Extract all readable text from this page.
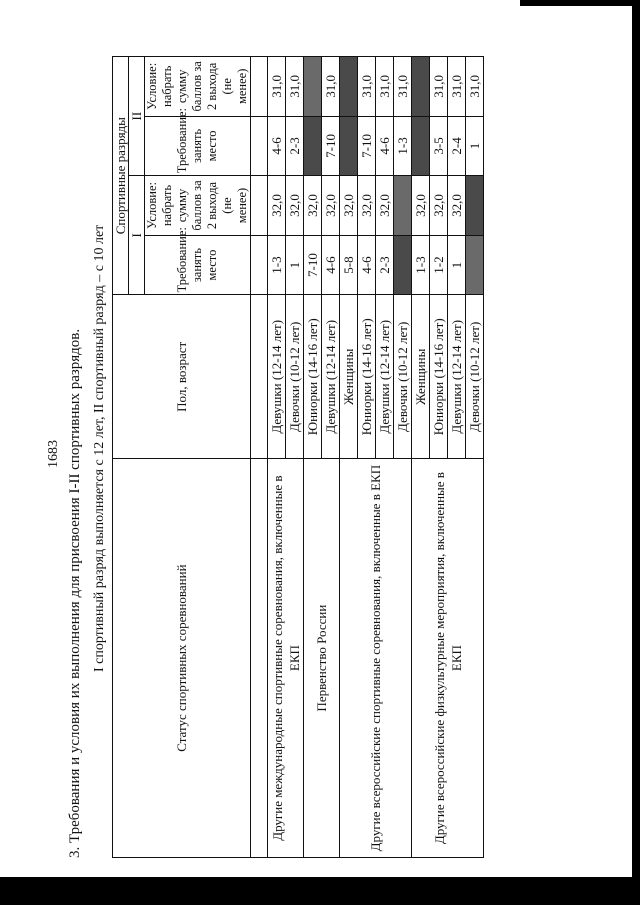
1683 3. Требования и условия их выполнения для присвоения I-II спортивных разрядов. I спортивный разряд выполняется с 12 лет, II спортивный разряд – с 10 лет	Статус спортивных соревнований	Пол, возраст	Спортивные разряды			
		I		II	
		Требование: занять место	Условие: набрать сумму баллов за 2 выхода (не менее)	Требование: занять место	Условие: набрать сумму баллов за 2 выхода (не менее)

Другие международные спортивные соревнования, включенные в ЕКП	Девушки (12-14 лет)	1-3	32,0	4-6	31,0
	Девочки (10-12 лет)	1	32,0	2-3	31,0
Первенство России	Юниорки (14-16 лет)	7-10	32,0		
	Девушки (12-14 лет)	4-6	32,0	7-10	31,0
Другие всероссийские спортивные соревнования, включенные в ЕКП	Женщины	5-8	32,0		
	Юниорки (14-16 лет)	4-6	32,0	7-10	31,0
	Девушки (12-14 лет)	2-3	32,0	4-6	31,0
	Девочки (10-12 лет)			1-3	31,0
Другие всероссийские физкультурные мероприятия, включенные в ЕКП	Женщины	1-3	32,0		
	Юниорки (14-16 лет)	1-2	32,0	3-5	31,0
	Девушки (12-14 лет)	1	32,0	2-4	31,0
	Девочки (10-12 лет)			1	31,0
